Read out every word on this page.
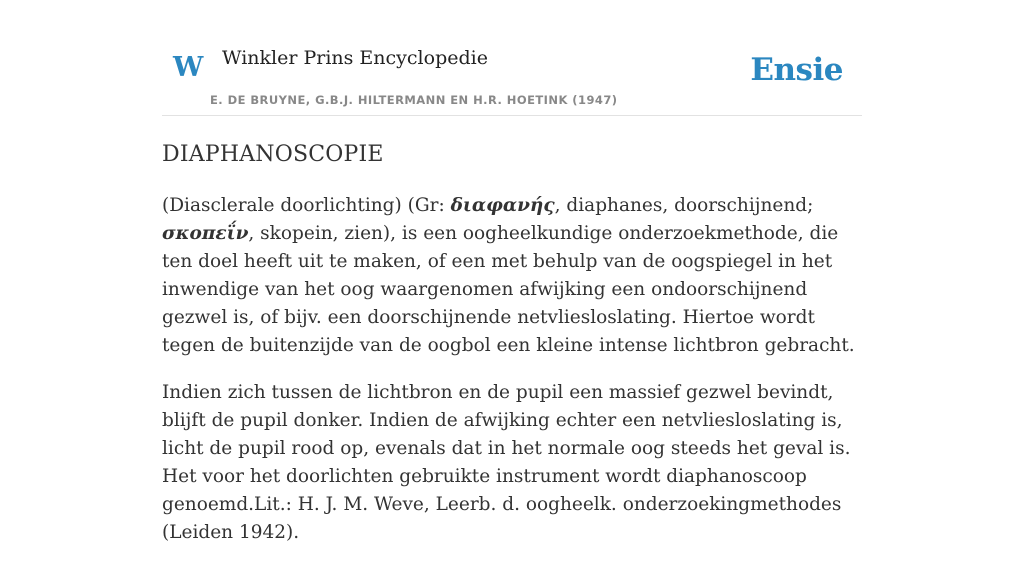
W Winkler Prins Encyclopedie
E. DE BRUYNE, G.B.J. HILTERMANN EN H.R. HOETINK (1947)
Ensie
DIAPHANOSCOPIE

(Diasclerale doorlichting) (Gr: διαφανής, diaphanes, doorschijnend; σκοπεΐν, skopein, zien), is een oogheelkundige onderzoekmethode, die ten doel heeft uit te maken, of een met behulp van de oogspiegel in het inwendige van het oog waargenomen afwijking een ondoorschijnend gezwel is, of bijv. een doorschijnende netvliesloslating. Hiertoe wordt tegen de buitenzijde van de oogbol een kleine intense lichtbron gebracht.

Indien zich tussen de lichtbron en de pupil een massief gezwel bevindt, blijft de pupil donker. Indien de afwijking echter een netvliesloslating is, licht de pupil rood op, evenals dat in het normale oog steeds het geval is. Het voor het doorlichten gebruikte instrument wordt diaphanoscoop genoemd.Lit.: H. J. M. Weve, Leerb. d. oogheelk. onderzoekingmethodes (Leiden 1942).
